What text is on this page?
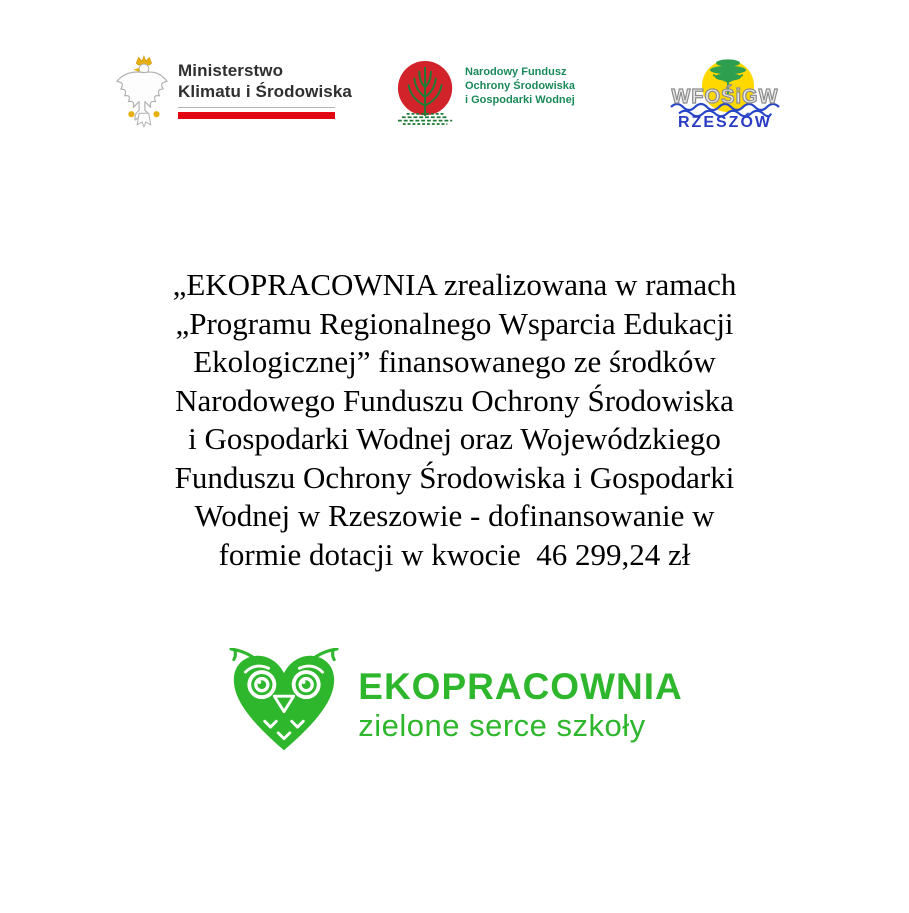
Ministerstwo
Klimatu i Środowiska
Narodowy Fundusz
Ochrony Środowiska
i Gospodarki Wodnej	WFOŚiGW
RZESZÓW
„EKOPRACOWNIA zrealizowana w ramach
„Programu Regionalnego Wsparcia Edukacji
Ekologicznej” finansowanego ze środków
Narodowego Funduszu Ochrony Środowiska
i Gospodarki Wodnej oraz Wojewódzkiego
Funduszu Ochrony Środowiska i Gospodarki
Wodnej w Rzeszowie - dofinansowanie w
formie dotacji w kwocie  46 299,24 zł
EKOPRACOWNIA
zielone serce szkoły
